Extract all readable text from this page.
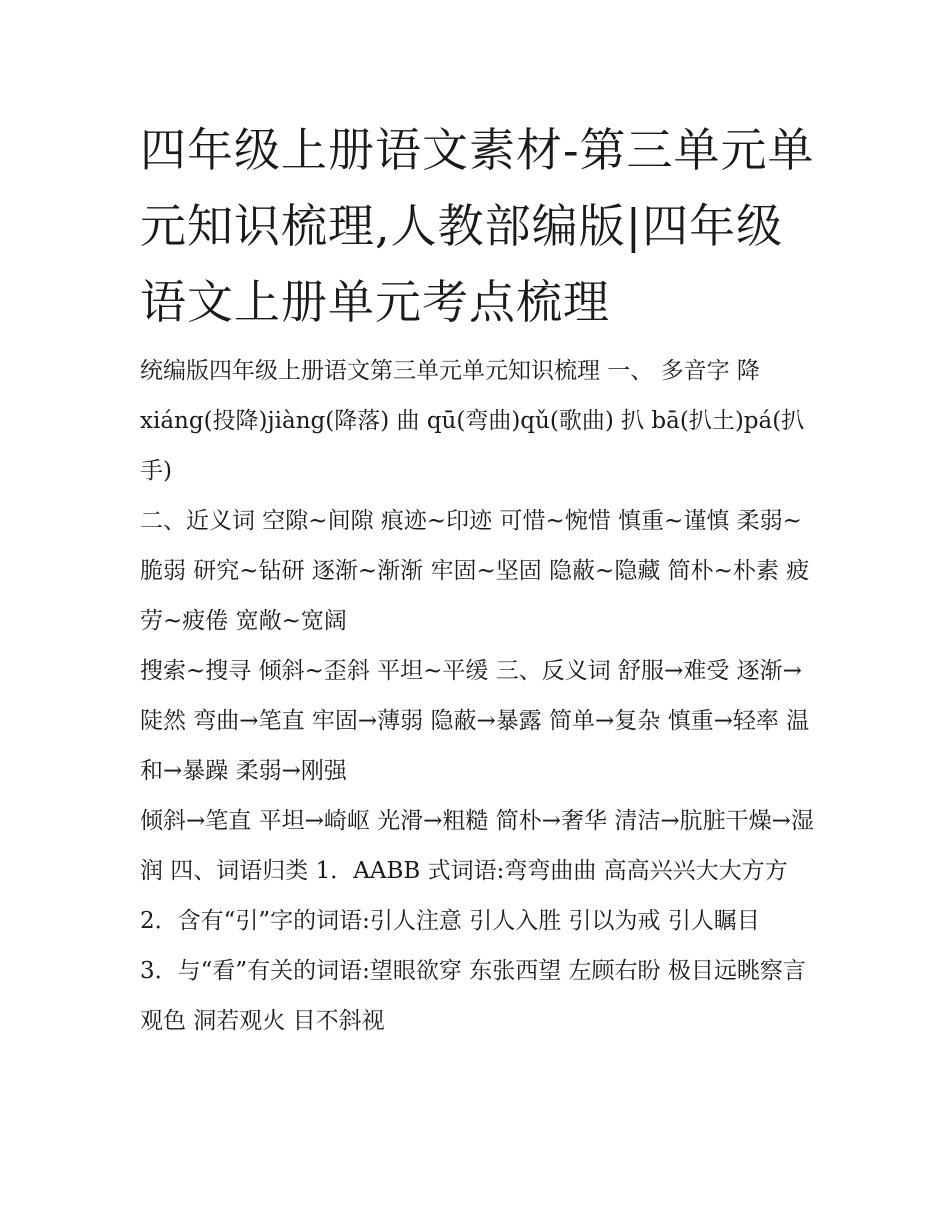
四年级上册语文素材-第三单元单元知识梳理,人教部编版|四年级语文上册单元考点梳理

统编版四年级上册语文第三单元单元知识梳理 一、 多音字 降xiáng(投降)jiàng(降落) 曲 qū(弯曲)qǔ(歌曲) 扒 bā(扒土)pá(扒手)

二、近义词 空隙~间隙 痕迹~印迹 可惜~惋惜 慎重~谨慎 柔弱~脆弱 研究~钻研 逐渐~渐渐 牢固~坚固 隐蔽~隐藏 简朴~朴素 疲劳~疲倦 宽敞~宽阔

搜索~搜寻 倾斜~歪斜 平坦~平缓 三、反义词 舒服→难受 逐渐→陡然 弯曲→笔直 牢固→薄弱 隐蔽→暴露 简单→复杂 慎重→轻率 温和→暴躁 柔弱→刚强

倾斜→笔直 平坦→崎岖 光滑→粗糙 简朴→奢华 清洁→肮脏干燥→湿润 四、词语归类 1．AABB 式词语:弯弯曲曲 高高兴兴大大方方

2．含有“引”字的词语:引人注意 引人入胜 引以为戒 引人瞩目

3．与“看”有关的词语:望眼欲穿 东张西望 左顾右盼 极目远眺察言观色 洞若观火 目不斜视
